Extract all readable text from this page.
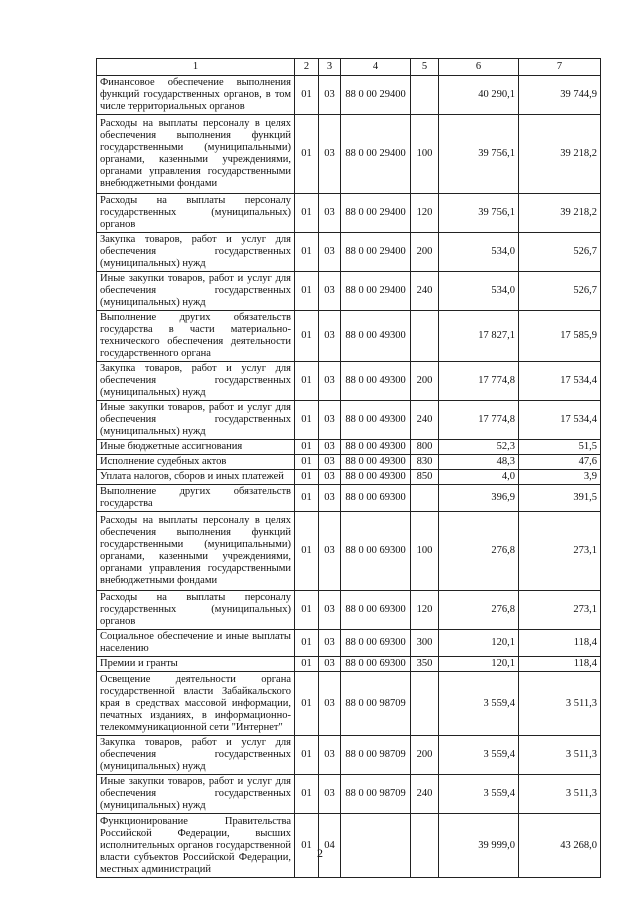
1	2	3	4	5	6	7
Финансовое обеспечение выполнения функций государственных органов, в том числе территориальных органов	01	03	88 0 00 29400		40 290,1	39 744,9
Расходы на выплаты персоналу в целях обеспечения выполнения функций государственными (муниципальными) органами, казенными учреждениями, органами управления государственными внебюджетными фондами	01	03	88 0 00 29400	100	39 756,1	39 218,2
Расходы на выплаты персоналу государственных (муниципальных) органов	01	03	88 0 00 29400	120	39 756,1	39 218,2
Закупка товаров, работ и услуг для обеспечения государственных (муниципальных) нужд	01	03	88 0 00 29400	200	534,0	526,7
Иные закупки товаров, работ и услуг для обеспечения государственных (муниципальных) нужд	01	03	88 0 00 29400	240	534,0	526,7
Выполнение других обязательств государства в части материально-технического обеспечения деятельности государственного органа	01	03	88 0 00 49300		17 827,1	17 585,9
Закупка товаров, работ и услуг для обеспечения государственных (муниципальных) нужд	01	03	88 0 00 49300	200	17 774,8	17 534,4
Иные закупки товаров, работ и услуг для обеспечения государственных (муниципальных) нужд	01	03	88 0 00 49300	240	17 774,8	17 534,4
Иные бюджетные ассигнования	01	03	88 0 00 49300	800	52,3	51,5
Исполнение судебных актов	01	03	88 0 00 49300	830	48,3	47,6
Уплата налогов, сборов и иных платежей	01	03	88 0 00 49300	850	4,0	3,9
Выполнение других обязательств государства	01	03	88 0 00 69300		396,9	391,5
Расходы на выплаты персоналу в целях обеспечения выполнения функций государственными (муниципальными) органами, казенными учреждениями, органами управления государственными внебюджетными фондами	01	03	88 0 00 69300	100	276,8	273,1
Расходы на выплаты персоналу государственных (муниципальных) органов	01	03	88 0 00 69300	120	276,8	273,1
Социальное обеспечение и иные выплаты населению	01	03	88 0 00 69300	300	120,1	118,4
Премии и гранты	01	03	88 0 00 69300	350	120,1	118,4
Освещение деятельности органа государственной власти Забайкальского края в средствах массовой информации, печатных изданиях, в информационно-телекоммуникационной сети "Интернет"	01	03	88 0 00 98709		3 559,4	3 511,3
Закупка товаров, работ и услуг для обеспечения государственных (муниципальных) нужд	01	03	88 0 00 98709	200	3 559,4	3 511,3
Иные закупки товаров, работ и услуг для обеспечения государственных (муниципальных) нужд	01	03	88 0 00 98709	240	3 559,4	3 511,3
Функционирование Правительства Российской Федерации, высших исполнительных органов государственной власти субъектов Российской Федерации, местных администраций	01	04			39 999,0	43 268,0
2
